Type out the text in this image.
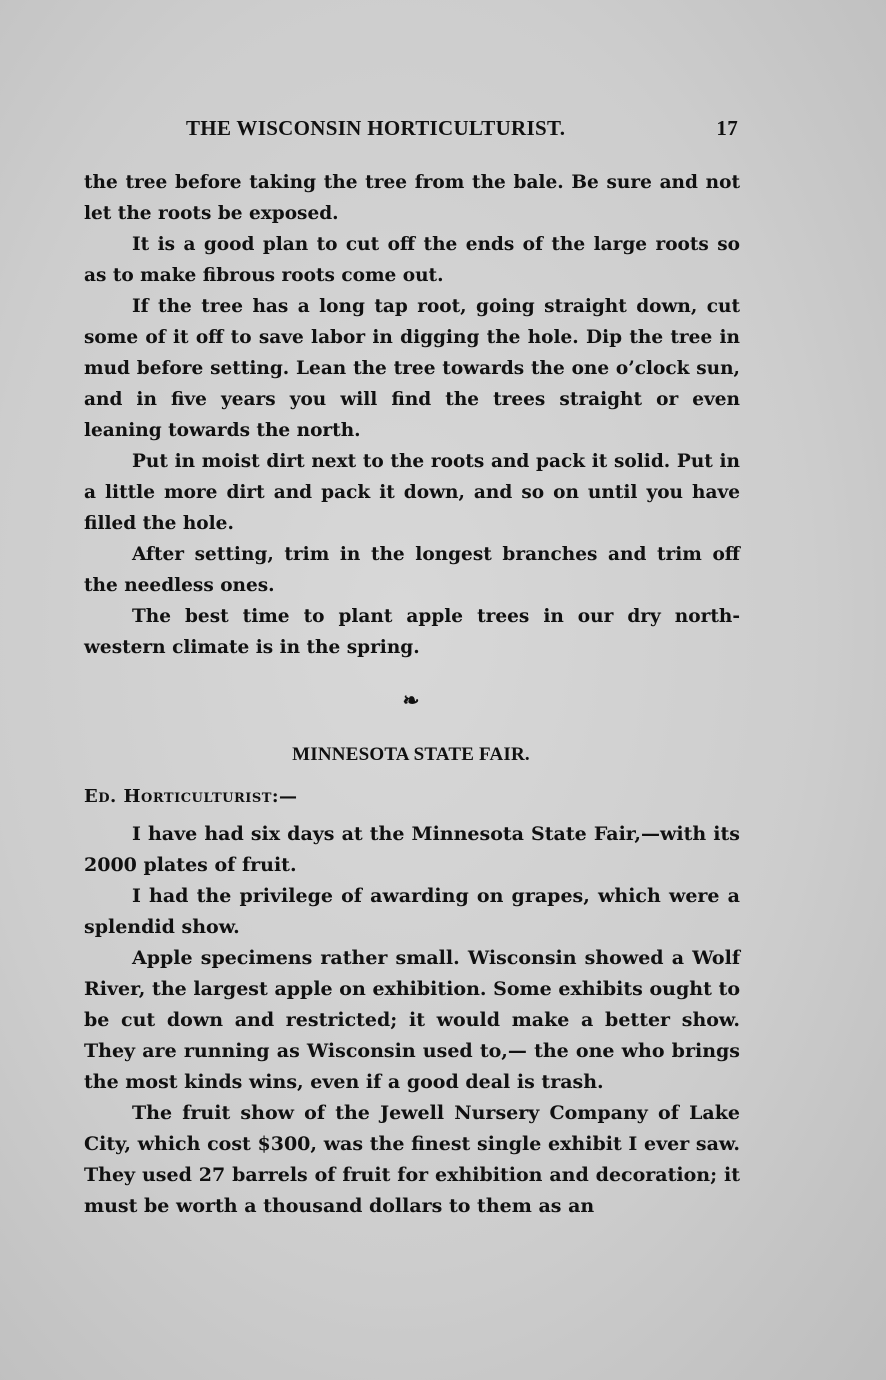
THE WISCONSIN HORTICULTURIST.	17

the tree before taking the tree from the bale. Be sure and not let the roots be exposed.

It is a good plan to cut off the ends of the large roots so as to make fibrous roots come out.

If the tree has a long tap root, going straight down, cut some of it off to save labor in digging the hole. Dip the tree in mud before setting. Lean the tree towards the one o’clock sun, and in five years you will find the trees straight or even leaning towards the north.

Put in moist dirt next to the roots and pack it solid. Put in a little more dirt and pack it down, and so on until you have filled the hole.

After setting, trim in the longest branches and trim off the needless ones.

The best time to plant apple trees in our dry north-western climate is in the spring.

❧
MINNESOTA STATE FAIR.
Ed. Horticulturist:—

I have had six days at the Minnesota State Fair,—with its 2000 plates of fruit.

I had the privilege of awarding on grapes, which were a splendid show.

Apple specimens rather small. Wisconsin showed a Wolf River, the largest apple on exhibition. Some exhibits ought to be cut down and restricted; it would make a better show. They are running as Wisconsin used to,— the one who brings the most kinds wins, even if a good deal is trash.

The fruit show of the Jewell Nursery Company of Lake City, which cost $300, was the finest single exhibit I ever saw. They used 27 barrels of fruit for exhibition and decoration; it must be worth a thousand dollars to them as an
